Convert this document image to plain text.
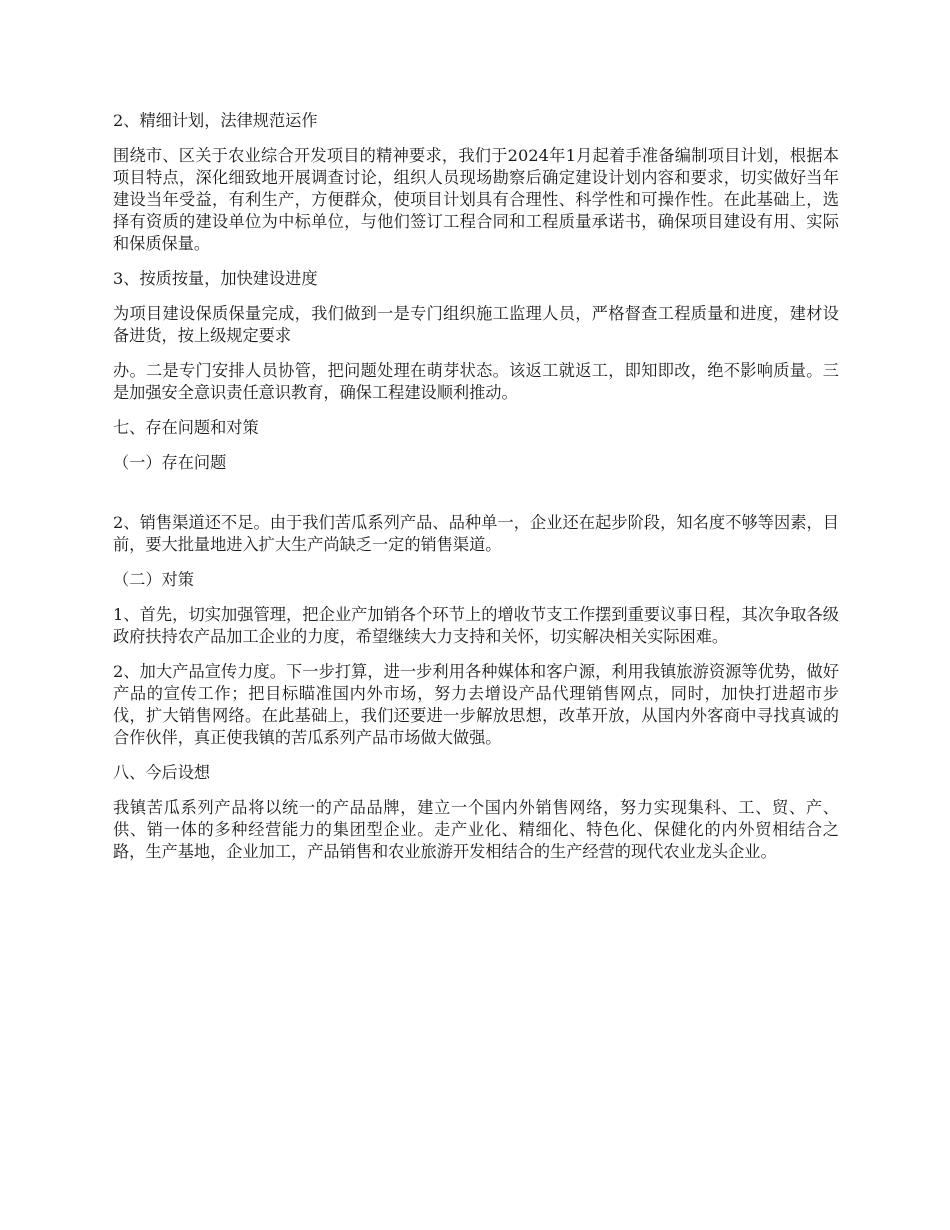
2、精细计划，法律规范运作

围绕市、区关于农业综合开发项目的精神要求，我们于2024年1月起着手准备编制项目计划，根据本项目特点，深化细致地开展调查讨论，组织人员现场勘察后确定建设计划内容和要求，切实做好当年建设当年受益，有利生产，方便群众，使项目计划具有合理性、科学性和可操作性。在此基础上，选择有资质的建设单位为中标单位，与他们签订工程合同和工程质量承诺书，确保项目建设有用、实际和保质保量。

3、按质按量，加快建设进度

为项目建设保质保量完成，我们做到一是专门组织施工监理人员，严格督查工程质量和进度，建材设备进货，按上级规定要求

办。二是专门安排人员协管，把问题处理在萌芽状态。该返工就返工，即知即改，绝不影响质量。三是加强安全意识责任意识教育，确保工程建设顺利推动。

七、存在问题和对策

（一）存在问题

2、销售渠道还不足。由于我们苦瓜系列产品、品种单一，企业还在起步阶段，知名度不够等因素，目前，要大批量地进入扩大生产尚缺乏一定的销售渠道。

（二）对策

1、首先，切实加强管理，把企业产加销各个环节上的增收节支工作摆到重要议事日程，其次争取各级政府扶持农产品加工企业的力度，希望继续大力支持和关怀，切实解决相关实际困难。

2、加大产品宣传力度。下一步打算，进一步利用各种媒体和客户源，利用我镇旅游资源等优势，做好产品的宣传工作；把目标瞄准国内外市场，努力去增设产品代理销售网点，同时，加快打进超市步伐，扩大销售网络。在此基础上，我们还要进一步解放思想，改革开放，从国内外客商中寻找真诚的合作伙伴，真正使我镇的苦瓜系列产品市场做大做强。

八、今后设想

我镇苦瓜系列产品将以统一的产品品牌，建立一个国内外销售网络，努力实现集科、工、贸、产、供、销一体的多种经营能力的集团型企业。走产业化、精细化、特色化、保健化的内外贸相结合之路，生产基地，企业加工，产品销售和农业旅游开发相结合的生产经营的现代农业龙头企业。
